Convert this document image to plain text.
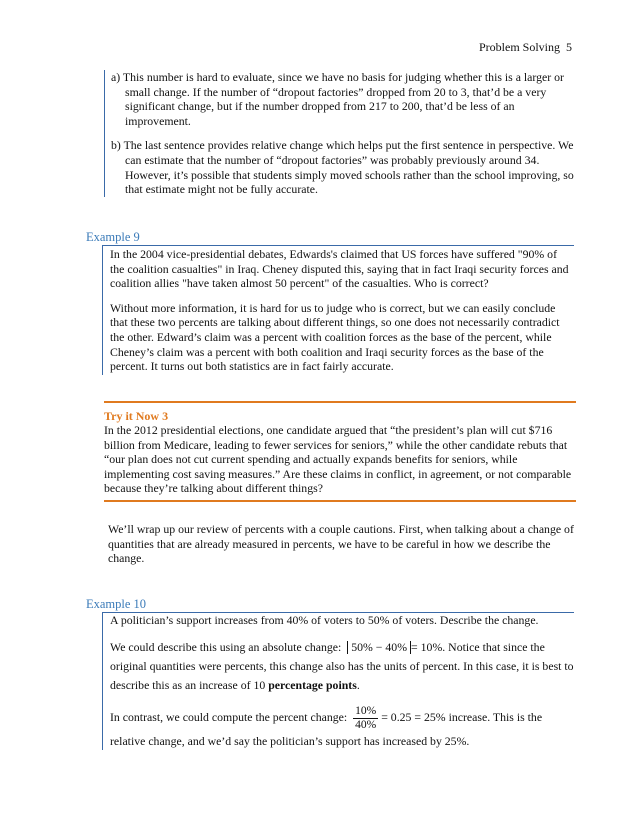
Problem Solving 5

a) This number is hard to evaluate, since we have no basis for judging whether this is a larger or small change. If the number of “dropout factories” dropped from 20 to 3, that’d be a very significant change, but if the number dropped from 217 to 200, that’d be less of an improvement.

b) The last sentence provides relative change which helps put the first sentence in perspective. We can estimate that the number of “dropout factories” was probably previously around 34. However, it’s possible that students simply moved schools rather than the school improving, so that estimate might not be fully accurate.

Example 9

In the 2004 vice-presidential debates, Edwards's claimed that US forces have suffered "90% of the coalition casualties" in Iraq. Cheney disputed this, saying that in fact Iraqi security forces and coalition allies "have taken almost 50 percent" of the casualties. Who is correct?

Without more information, it is hard for us to judge who is correct, but we can easily conclude that these two percents are talking about different things, so one does not necessarily contradict the other. Edward’s claim was a percent with coalition forces as the base of the percent, while Cheney’s claim was a percent with both coalition and Iraqi security forces as the base of the percent. It turns out both statistics are in fact fairly accurate.

Try it Now 3

In the 2012 presidential elections, one candidate argued that “the president’s plan will cut $716 billion from Medicare, leading to fewer services for seniors,” while the other candidate rebuts that “our plan does not cut current spending and actually expands benefits for seniors, while implementing cost saving measures.” Are these claims in conflict, in agreement, or not comparable because they’re talking about different things?

We’ll wrap up our review of percents with a couple cautions. First, when talking about a change of quantities that are already measured in percents, we have to be careful in how we describe the change.

Example 10

A politician’s support increases from 40% of voters to 50% of voters. Describe the change.

We could describe this using an absolute change: 50% − 40% = 10%. Notice that since the original quantities were percents, this change also has the units of percent. In this case, it is best to describe this as an increase of 10 percentage points.

In contrast, we could compute the percent change: $\frac{10\%}{40\%} = 0.25 = 25\%$ increase. This is the relative change, and we’d say the politician’s support has increased by 25%.
